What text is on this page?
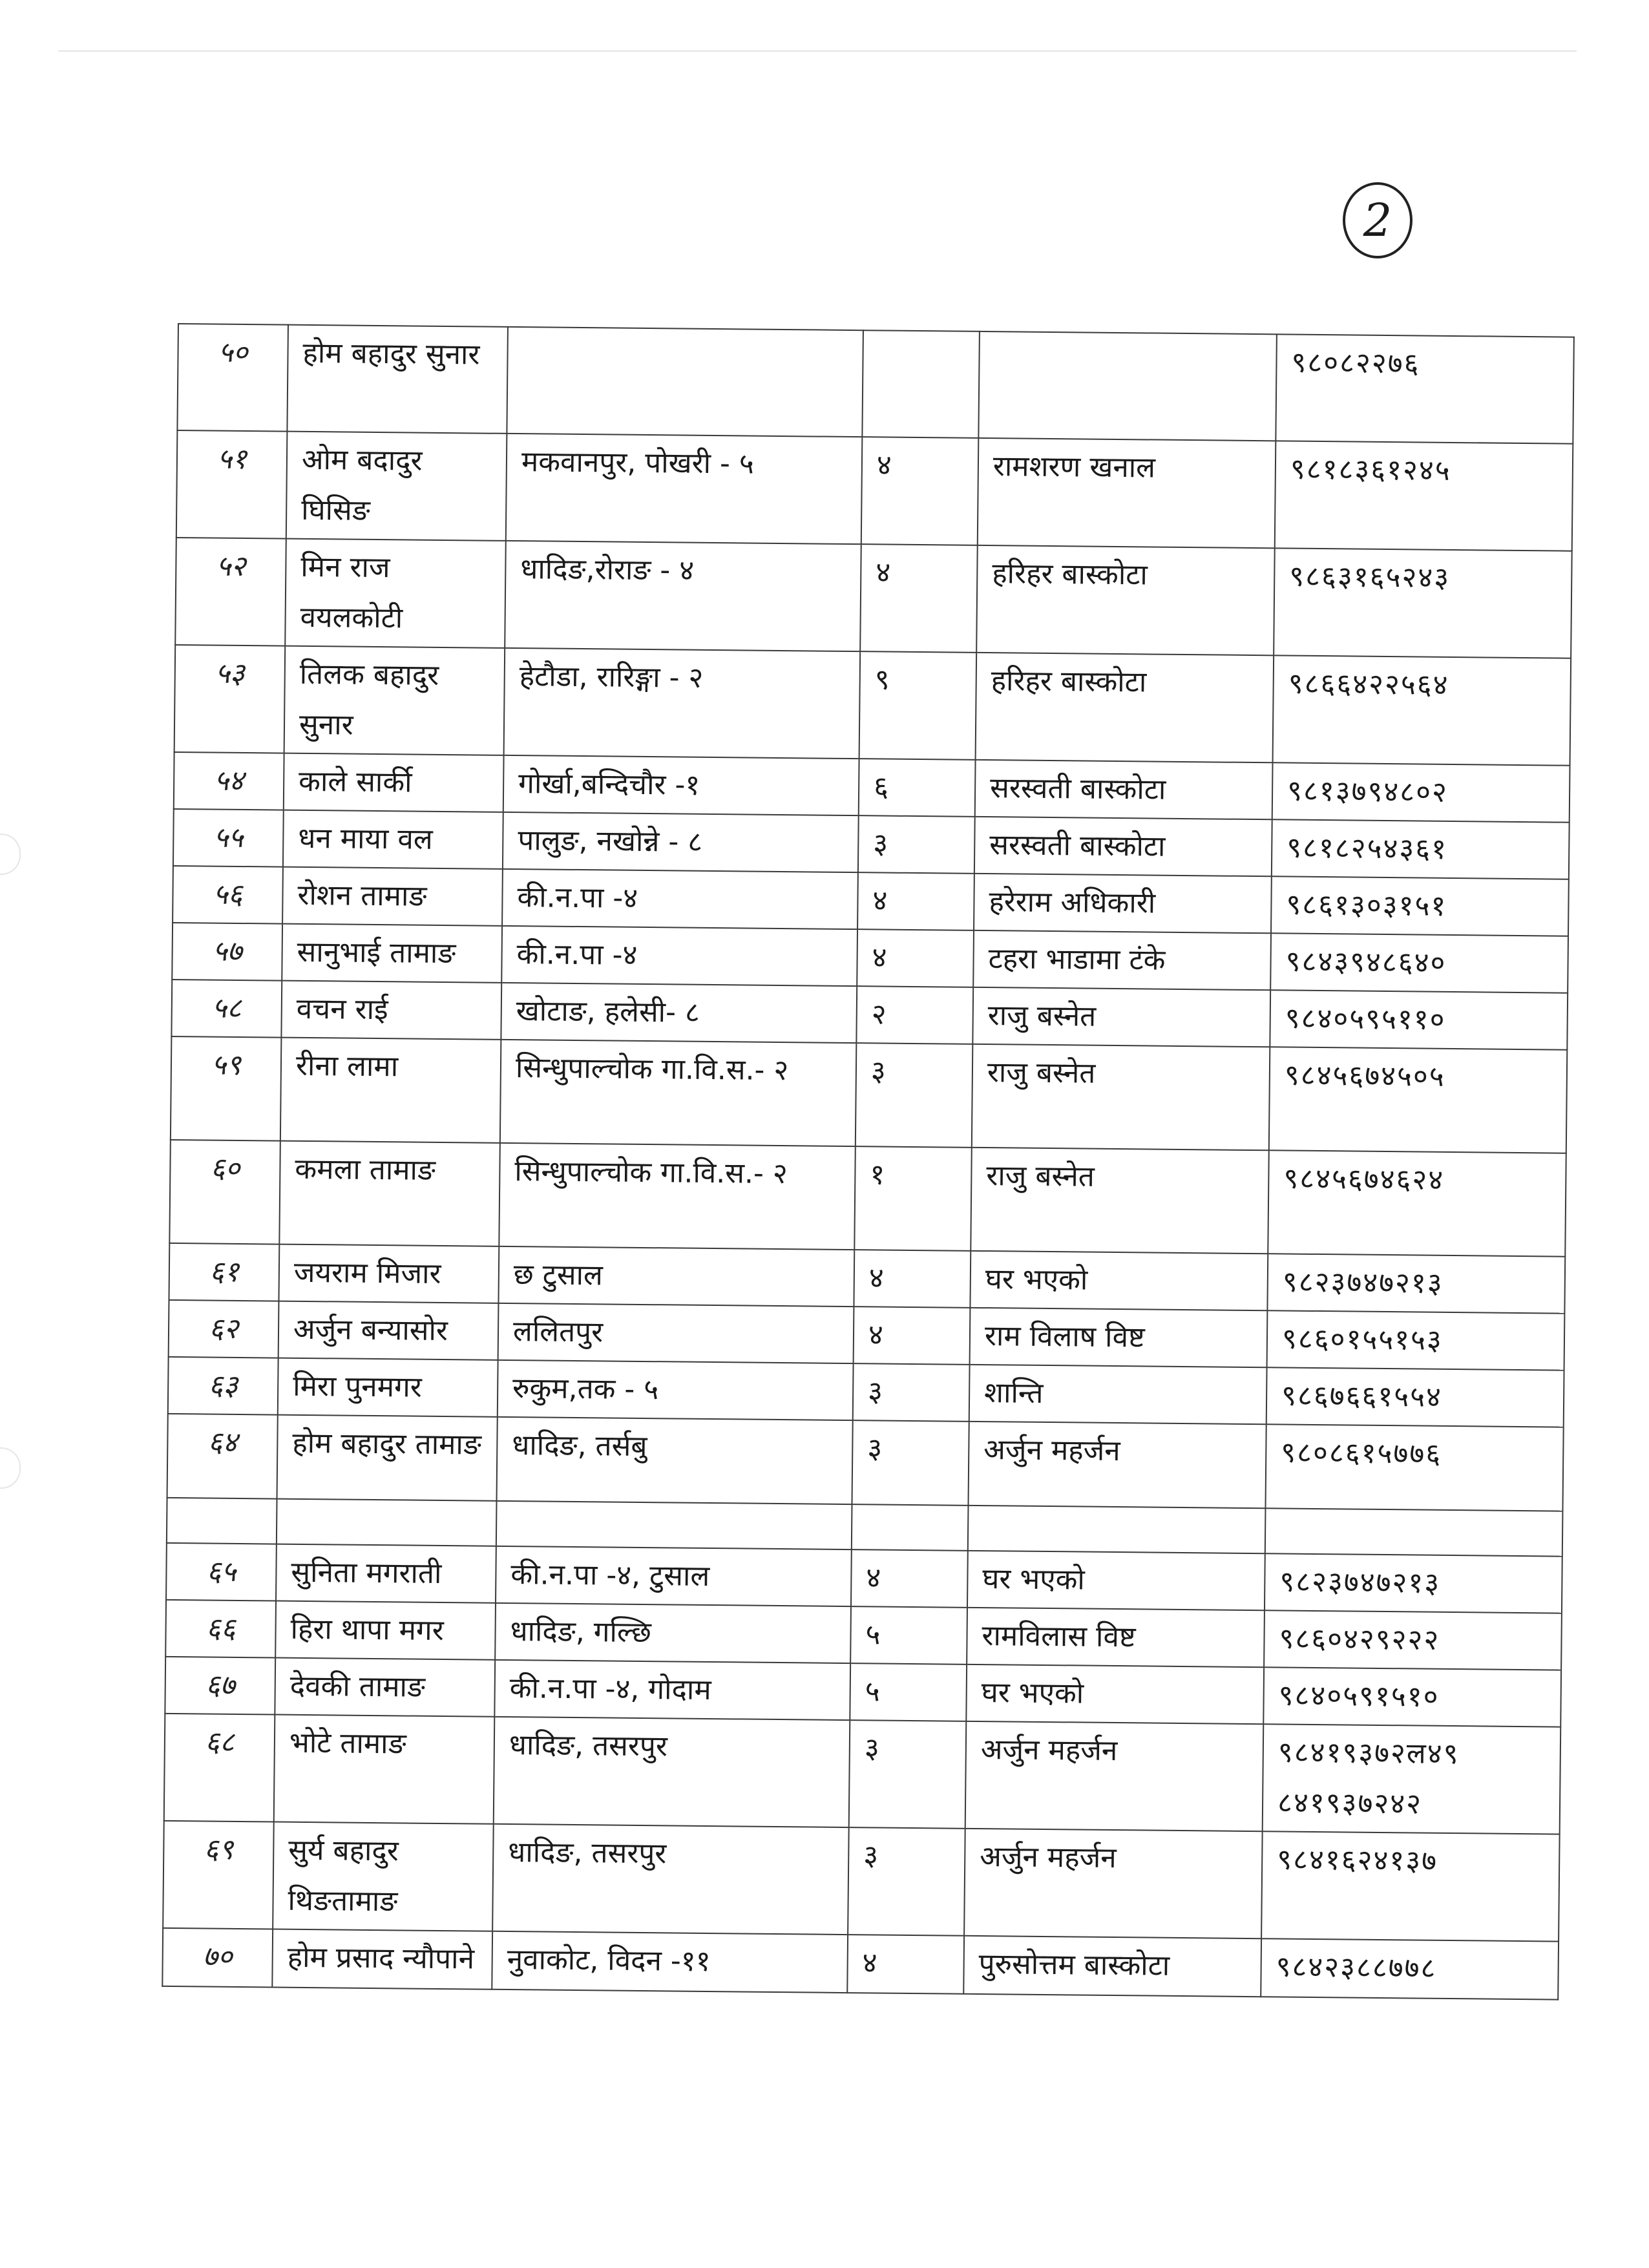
2
५०	होम बहादुर सुनार				९८०८२२७६
५१	ओम बदादुर घिसिङ	मकवानपुर, पोखरी - ५	४	रामशरण खनाल	९८१८३६१२४५
५२	मिन राज वयलकोटी	धादिङ,रोराङ - ४	४	हरिहर बास्कोटा	९८६३१६५२४३
५३	तिलक बहादुर सुनार	हेटौडा, रारिङ्गा - २	९	हरिहर बास्कोटा	९८६६४२२५६४
५४	काले सार्की	गोर्खा,बन्दिचौर -१	६	सरस्वती बास्कोटा	९८१३७९४८०२
५५	धन माया वल	पालुङ, नखोन्ने - ८	३	सरस्वती बास्कोटा	९८१८२५४३६१
५६	रोशन तामाङ	की.न.पा -४	४	हरेराम अधिकारी	९८६१३०३१५१
५७	सानुभाई तामाङ	की.न.पा -४	४	टहरा भाडामा टंके	९८४३९४८६४०
५८	वचन राई	खोटाङ, हलेसी- ८	२	राजु बस्नेत	९८४०५९५११०
५९	रीना लामा	सिन्धुपाल्चोक गा.वि.स.- २	३	राजु बस्नेत	९८४५६७४५०५
६०	कमला तामाङ	सिन्धुपाल्चोक गा.वि.स.- २	१	राजु बस्नेत	९८४५६७४६२४
६१	जयराम मिजार	छ टुसाल	४	घर भएको	९८२३७४७२१३
६२	अर्जुन बन्यासोर	ललितपुर	४	राम विलाष विष्ट	९८६०१५५१५३
६३	मिरा पुनमगर	रुकुम,तक - ५	३	शान्ति	९८६७६६१५५४
६४	होम बहादुर तामाङ	धादिङ, तर्सबु	३	अर्जुन महर्जन	९८०८६१५७७६

६५	सुनिता मगराती	की.न.पा -४, टुसाल	४	घर भएको	९८२३७४७२१३
६६	हिरा थापा मगर	धादिङ, गल्छि	५	रामविलास विष्ट	९८६०४२९२२२
६७	देवकी तामाङ	की.न.पा -४, गोदाम	५	घर भएको	९८४०५९१५१०
६८	भोटे तामाङ	धादिङ, तसरपुर	३	अर्जुन महर्जन	९८४१९३७२ल४९ ८४१९३७२४२
६९	सुर्य बहादुर थिङतामाङ	धादिङ, तसरपुर	३	अर्जुन महर्जन	९८४१६२४१३७
७०	होम प्रसाद न्यौपाने	नुवाकोट, विदन -११	४	पुरुसोत्तम बास्कोटा	९८४२३८८७७८
